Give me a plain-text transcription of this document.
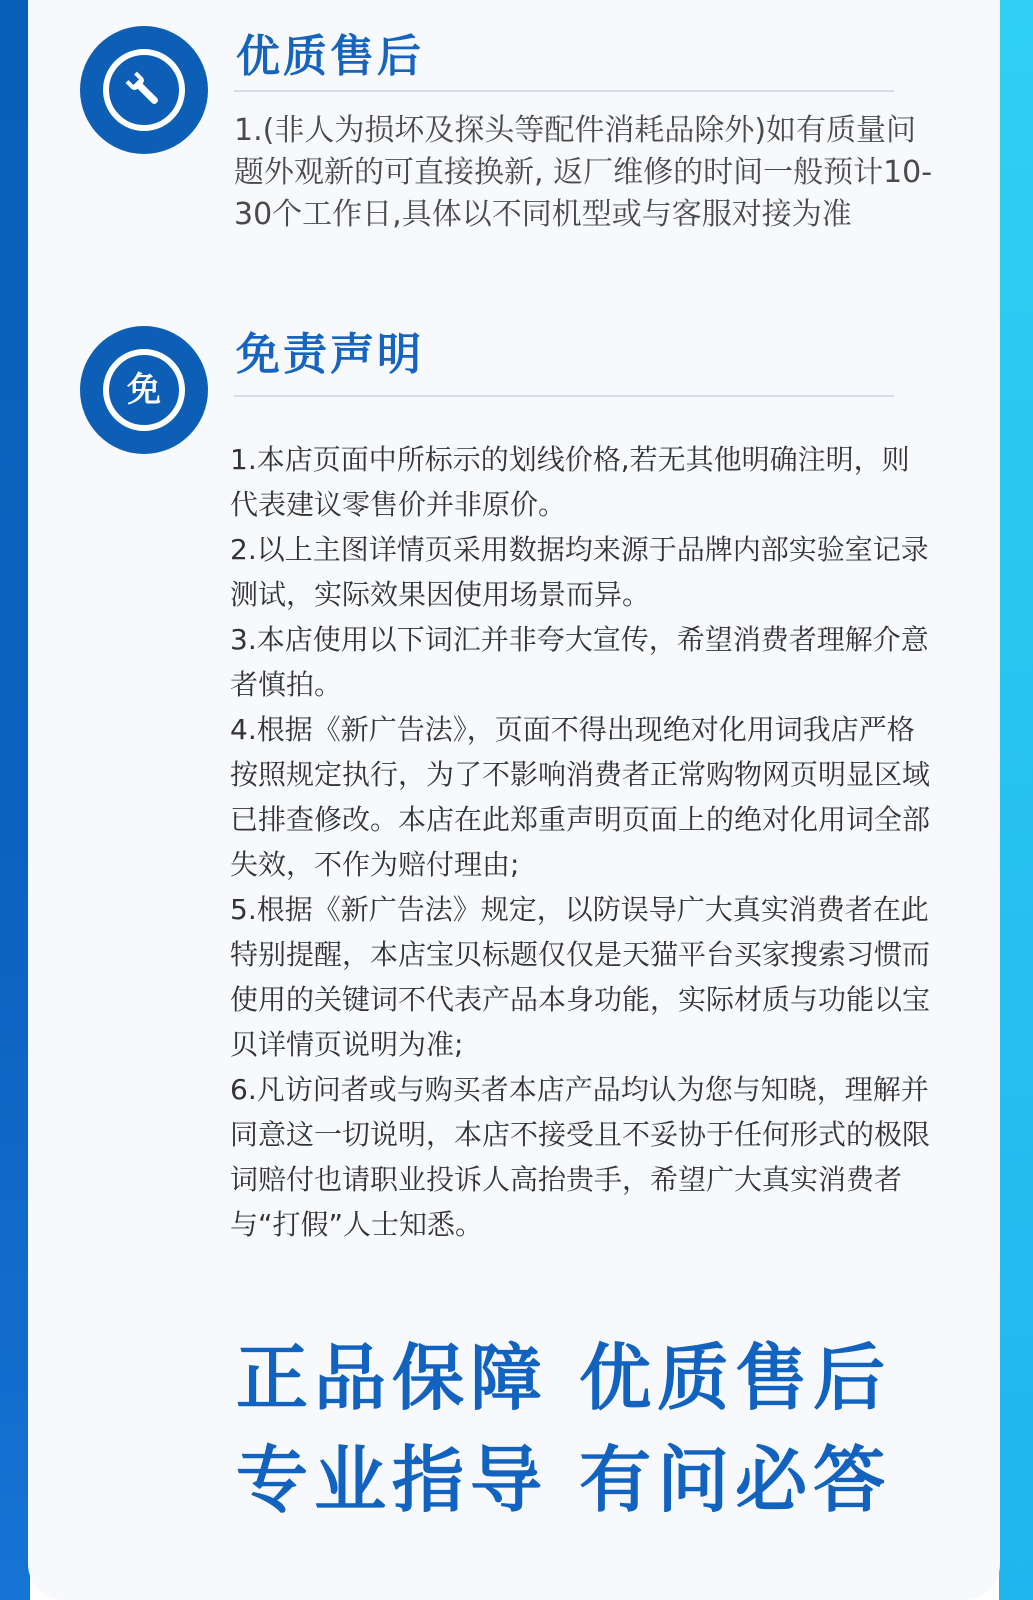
优质售后

1.(非人为损坏及探头等配件消耗品除外)如有质量问题外观新的可直接换新, 返厂维修的时间一般预计10-30个工作日,具体以不同机型或与客服对接为准

免
免责声明
1.本店页面中所标示的划线价格,若无其他明确注明，则代表建议零售价并非原价。
2.以上主图详情页采用数据均来源于品牌内部实验室记录测试，实际效果因使用场景而异。
3.本店使用以下词汇并非夸大宣传，希望消费者理解介意者慎拍。
4.根据《新广告法》，页面不得出现绝对化用词我店严格按照规定执行，为了不影响消费者正常购物网页明显区域已排查修改。本店在此郑重声明页面上的绝对化用词全部失效，不作为赔付理由;
5.根据《新广告法》规定，以防误导广大真实消费者在此特别提醒，本店宝贝标题仅仅是天猫平台买家搜索习惯而使用的关键词不代表产品本身功能，实际材质与功能以宝贝详情页说明为准;
6.凡访问者或与购买者本店产品均认为您与知晓，理解并同意这一切说明，本店不接受且不妥协于任何形式的极限词赔付也请职业投诉人高抬贵手，希望广大真实消费者与“打假”人士知悉。
正品保障 优质售后
专业指导 有问必答
